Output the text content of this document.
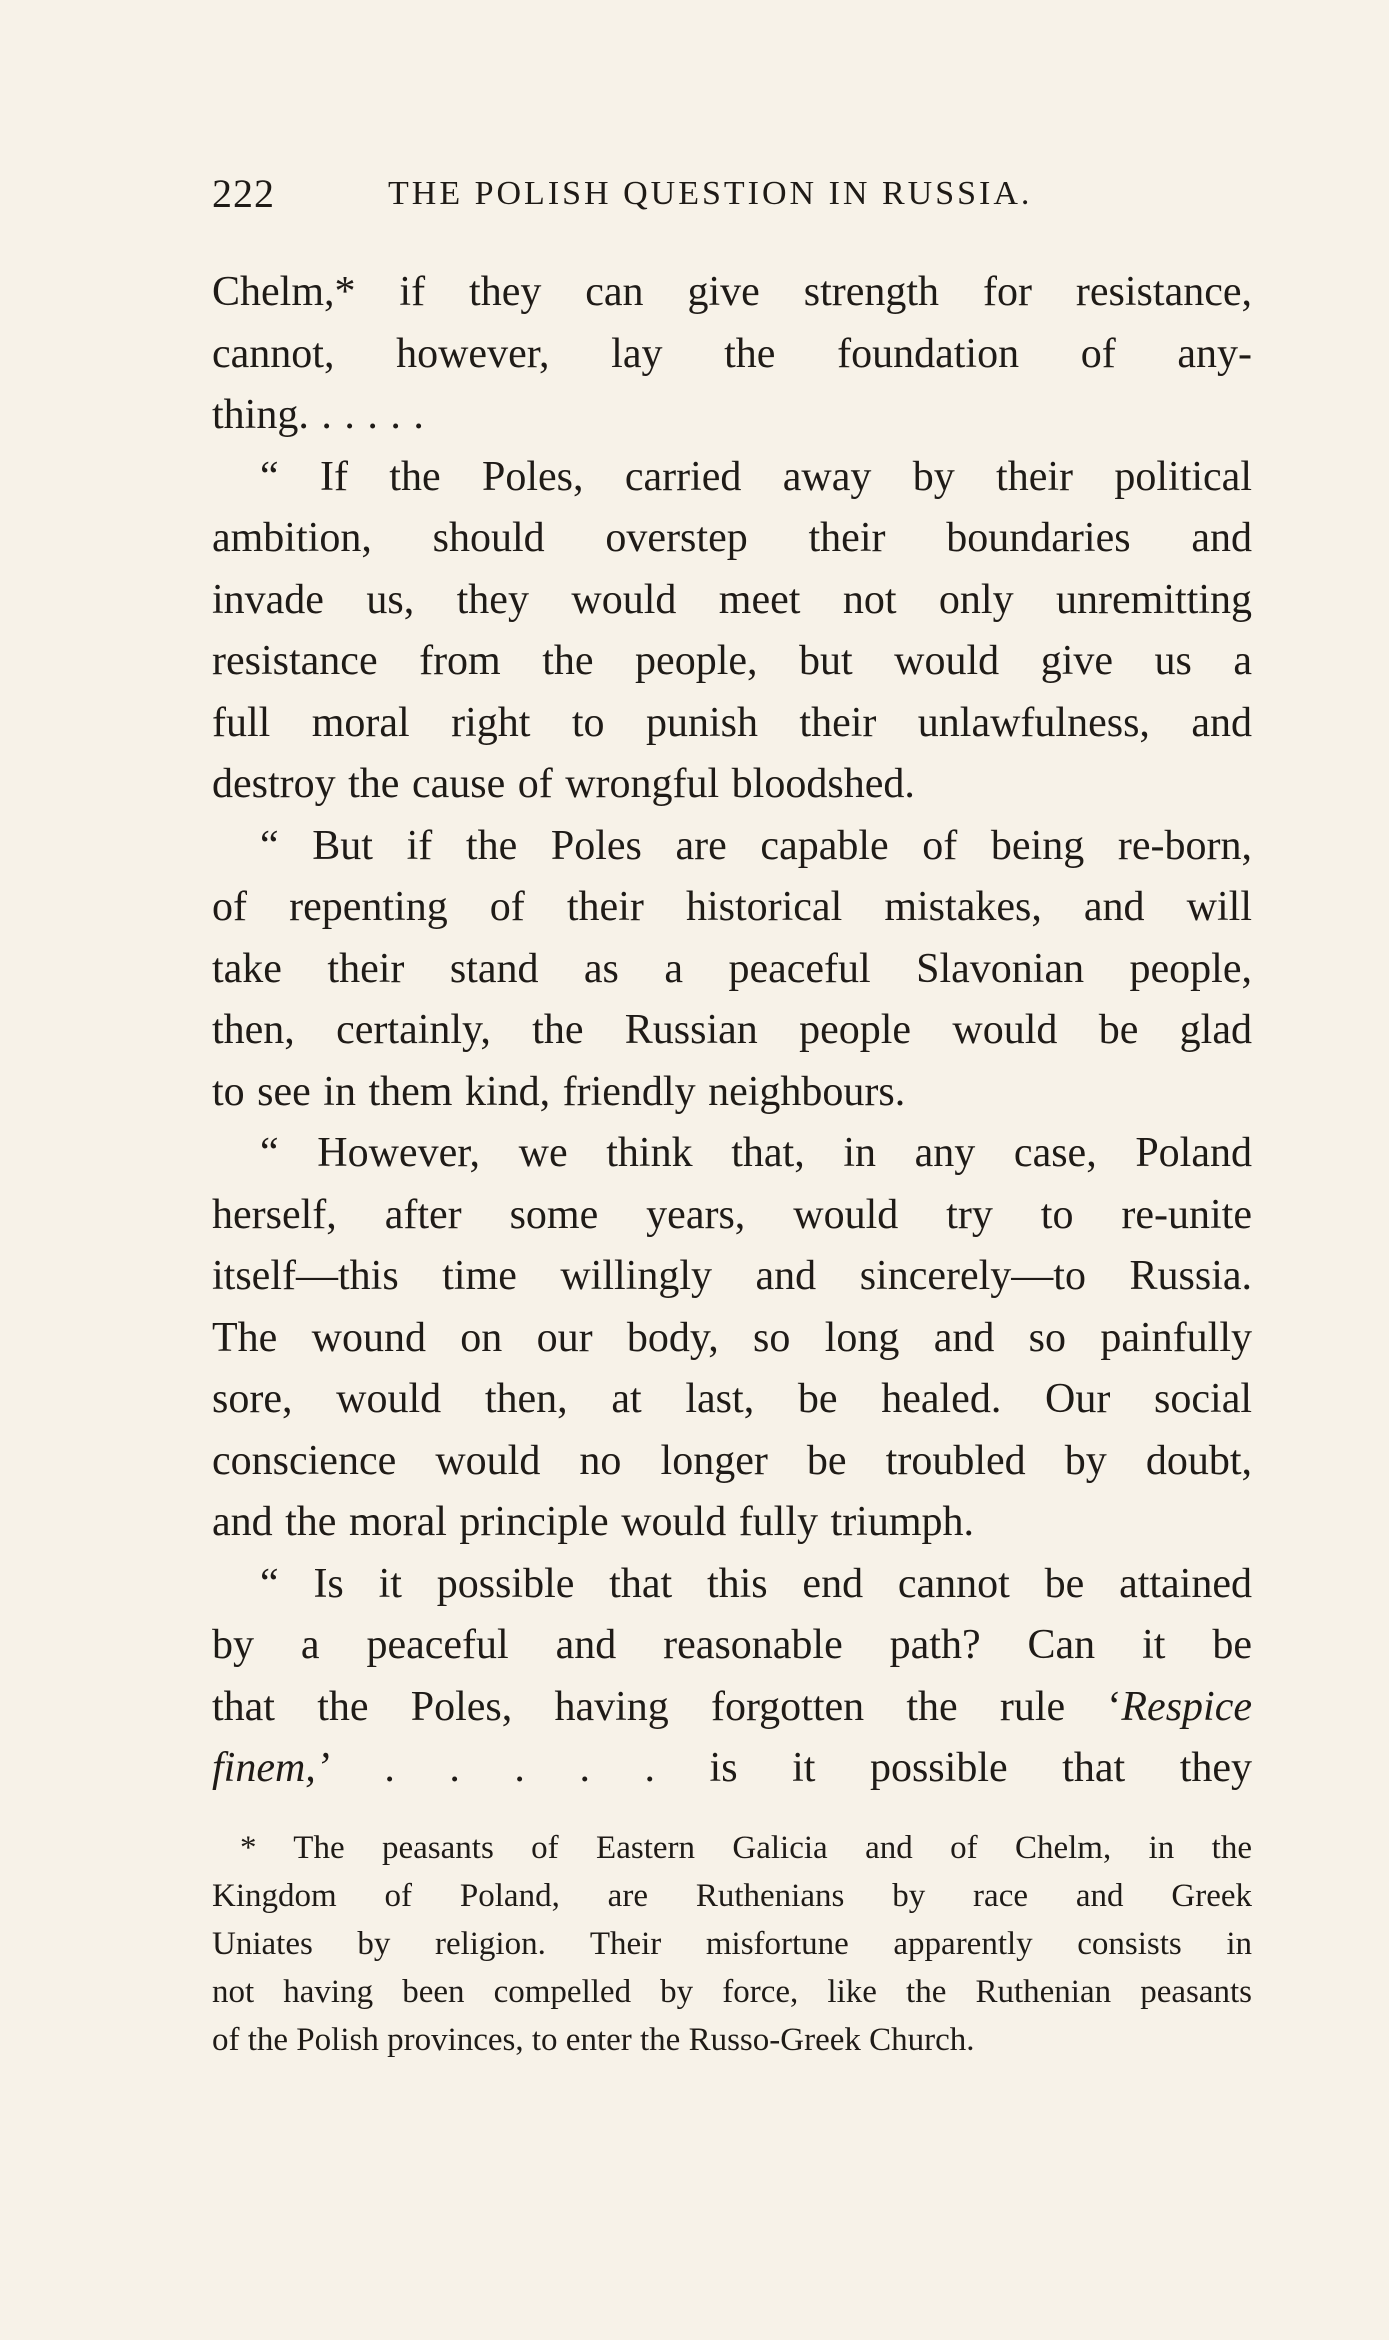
222	THE POLISH QUESTION IN RUSSIA.
Chelm,* if they can give strength for resistance,
cannot, however, lay the foundation of any-
thing. . . . . .
“ If the Poles, carried away by their political
ambition, should overstep their boundaries and
invade us, they would meet not only unremitting
resistance from the people, but would give us a
full moral right to punish their unlawfulness, and
destroy the cause of wrongful bloodshed.
“ But if the Poles are capable of being re-born,
of repenting of their historical mistakes, and will
take their stand as a peaceful Slavonian people,
then, certainly, the Russian people would be glad
to see in them kind, friendly neighbours.
“ However, we think that, in any case, Poland
herself, after some years, would try to re-unite
itself—this time willingly and sincerely—to Russia.
The wound on our body, so long and so painfully
sore, would then, at last, be healed. Our social
conscience would no longer be troubled by doubt,
and the moral principle would fully triumph.
“ Is it possible that this end cannot be attained
by a peaceful and reasonable path? Can it be
that the Poles, having forgotten the rule ‘Respice
finem,’ . . . . . is it possible that they
* The peasants of Eastern Galicia and of Chelm, in the
Kingdom of Poland, are Ruthenians by race and Greek
Uniates by religion. Their misfortune apparently consists in
not having been compelled by force, like the Ruthenian peasants
of the Polish provinces, to enter the Russo-Greek Church.
